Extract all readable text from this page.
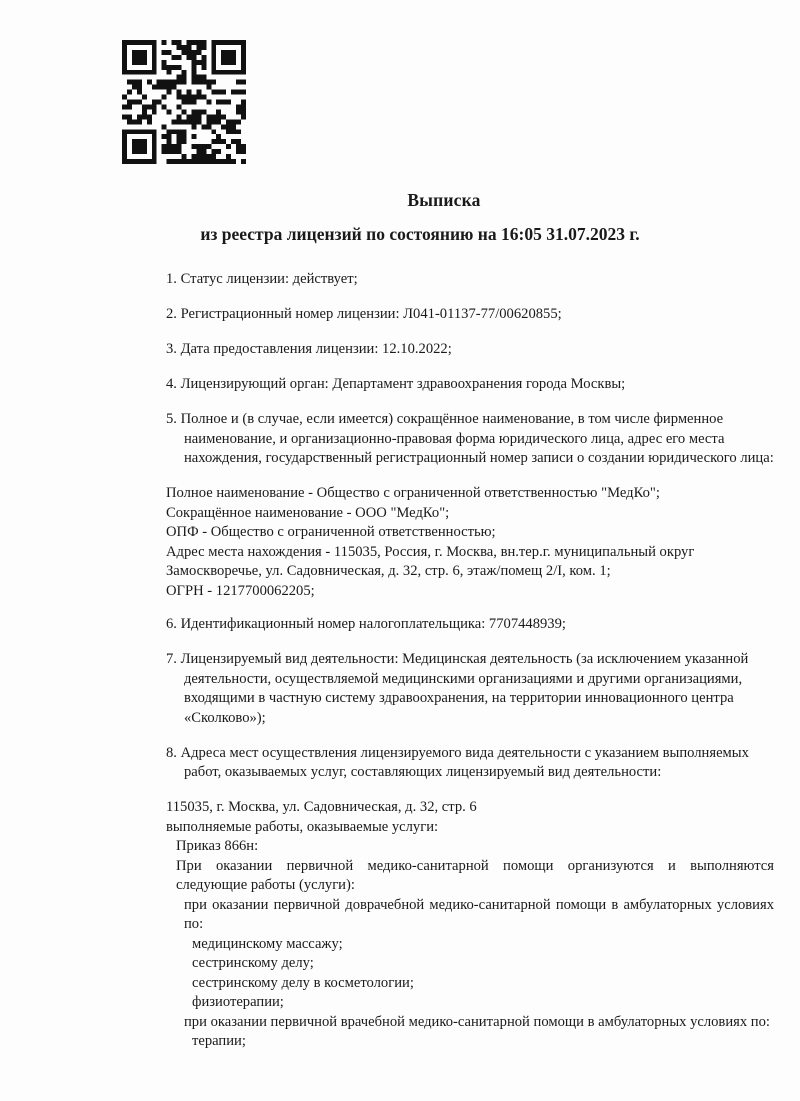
Выписка
из реестра лицензий по состоянию на 16:05 31.07.2023 г.
1. Статус лицензии: действует;
2. Регистрационный номер лицензии: Л041-01137-77/00620855;
3. Дата предоставления лицензии: 12.10.2022;
4. Лицензирующий орган: Департамент здравоохранения города Москвы;
5. Полное и (в случае, если имеется) сокращённое наименование, в том числе фирменное наименование, и организационно-правовая форма юридического лица, адрес его места нахождения, государственный регистрационный номер записи о создании юридического лица:
Полное наименование - Общество с ограниченной ответственностью "МедКо";
Сокращённое наименование - ООО "МедКо";
ОПФ - Общество с ограниченной ответственностью;
Адрес места нахождения - 115035, Россия, г. Москва, вн.тер.г. муниципальный округ
Замоскворечье, ул. Садовническая, д. 32, стр. 6, этаж/помещ 2/I, ком. 1;
ОГРН - 1217700062205;
6. Идентификационный номер налогоплательщика: 7707448939;
7. Лицензируемый вид деятельности: Медицинская деятельность (за исключением указанной деятельности, осуществляемой медицинскими организациями и другими организациями, входящими в частную систему здравоохранения, на территории инновационного центра «Сколково»);
8. Адреса мест осуществления лицензируемого вида деятельности с указанием выполняемых работ, оказываемых услуг, составляющих лицензируемый вид деятельности:
115035, г. Москва, ул. Садовническая, д. 32, стр. 6
выполняемые работы, оказываемые услуги:
Приказ 866н:
При оказании первичной медико-санитарной помощи организуются и выполняются следующие работы (услуги):
при оказании первичной доврачебной медико-санитарной помощи в амбулаторных условиях по:
медицинскому массажу;
сестринскому делу;
сестринскому делу в косметологии;
физиотерапии;
при оказании первичной врачебной медико-санитарной помощи в амбулаторных условиях по:
терапии;
